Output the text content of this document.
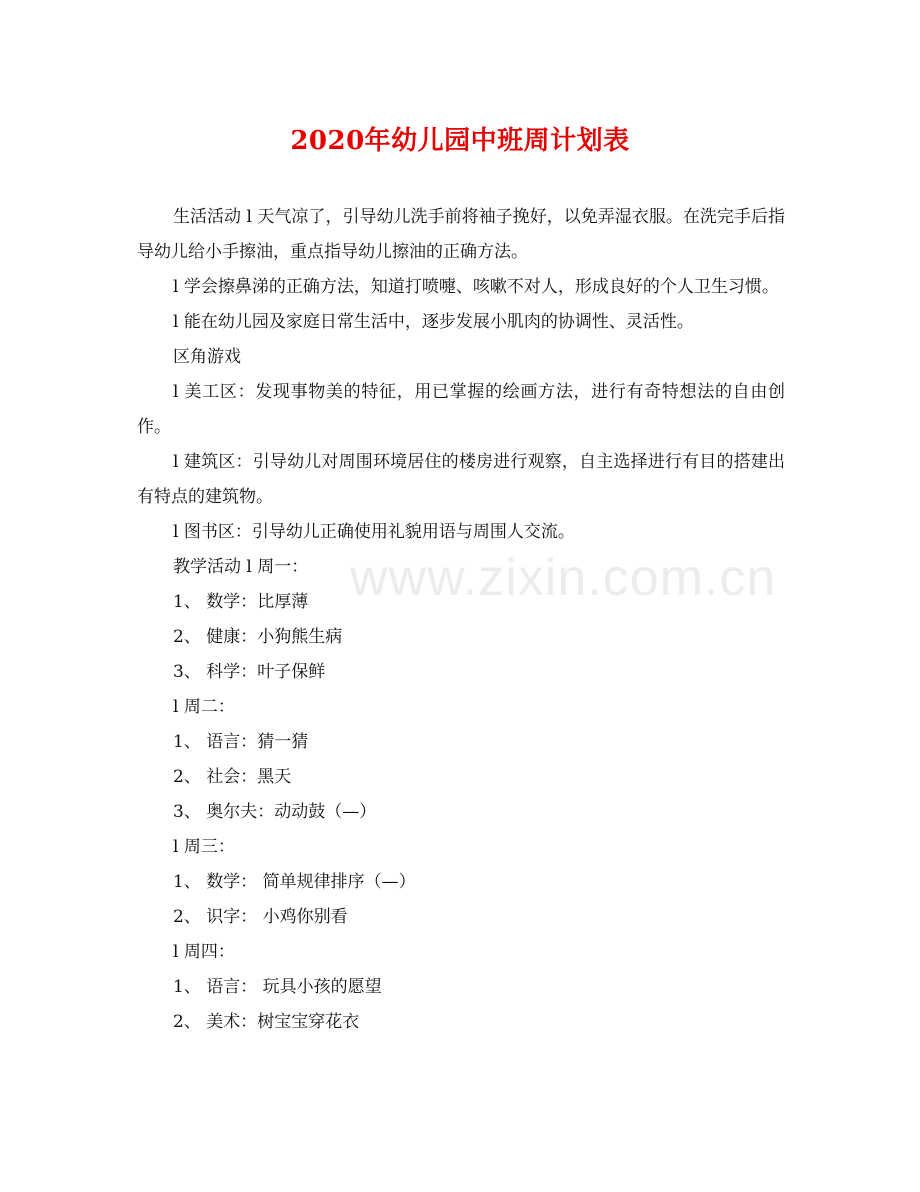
2020年幼儿园中班周计划表
www.zixin.com.cn

生活活动 l 天气凉了，引导幼儿洗手前将袖子挽好，以免弄湿衣服。在洗完手后指导幼儿给小手擦油，重点指导幼儿擦油的正确方法。

l 学会擦鼻涕的正确方法，知道打喷嚏、咳嗽不对人，形成良好的个人卫生习惯。

l 能在幼儿园及家庭日常生活中，逐步发展小肌肉的协调性、灵活性。

区角游戏

l 美工区：发现事物美的特征，用已掌握的绘画方法，进行有奇特想法的自由创作。

l 建筑区：引导幼儿对周围环境居住的楼房进行观察，自主选择进行有目的搭建出有特点的建筑物。

l 图书区：引导幼儿正确使用礼貌用语与周围人交流。

教学活动 l 周一：

1、 数学：比厚薄

2、 健康：小狗熊生病

3、 科学：叶子保鲜

l 周二：

1、 语言：猜一猜

2、 社会：黑天

3、 奥尔夫：动动鼓（—）

l 周三：

1、 数学： 简单规律排序（—）

2、 识字： 小鸡你别看

l 周四：

1、 语言： 玩具小孩的愿望

2、 美术：树宝宝穿花衣
